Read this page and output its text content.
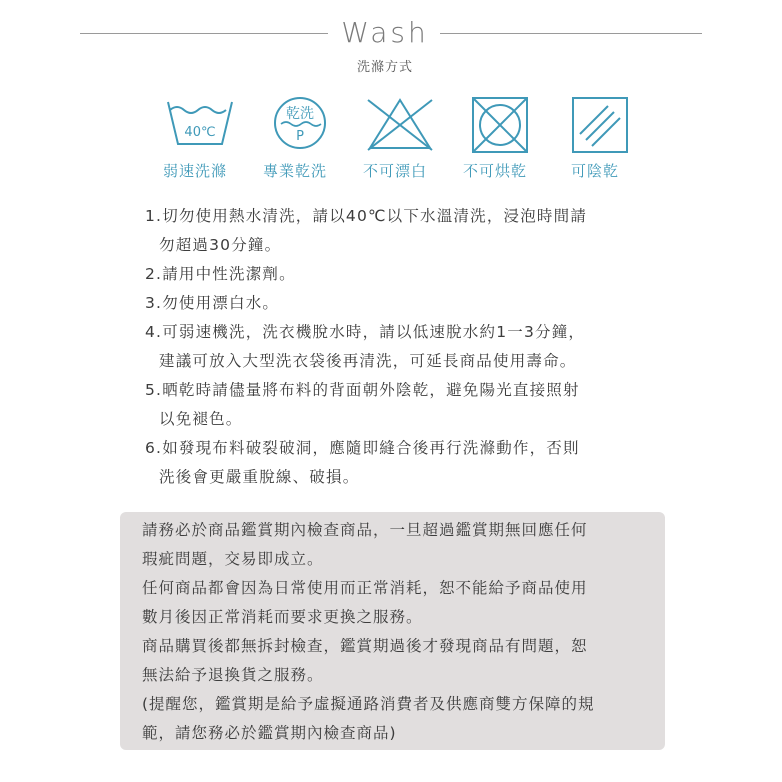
Wash
洗滌方式
40℃
弱速洗滌
乾洗
P
專業乾洗	不可漂白	不可烘乾	可陰乾
1.切勿使用熱水清洗，請以40℃以下水溫清洗，浸泡時間請
勿超過30分鐘。
2.請用中性洗潔劑。
3.勿使用漂白水。
4.可弱速機洗，洗衣機脫水時，請以低速脫水約1一3分鐘，
建議可放入大型洗衣袋後再清洗，可延長商品使用壽命。
5.晒乾時請儘量將布料的背面朝外陰乾，避免陽光直接照射
以免褪色。
6.如發現布料破裂破洞，應隨即縫合後再行洗滌動作，否則
洗後會更嚴重脫線、破損。

請務必於商品鑑賞期內檢查商品，一旦超過鑑賞期無回應任何

瑕疵問題，交易即成立。

任何商品都會因為日常使用而正常消耗，恕不能給予商品使用

數月後因正常消耗而要求更換之服務。

商品購買後都無拆封檢查，鑑賞期過後才發現商品有問題，恕

無法給予退換貨之服務。

(提醒您，鑑賞期是給予虛擬通路消費者及供應商雙方保障的規

範，請您務必於鑑賞期內檢查商品)
